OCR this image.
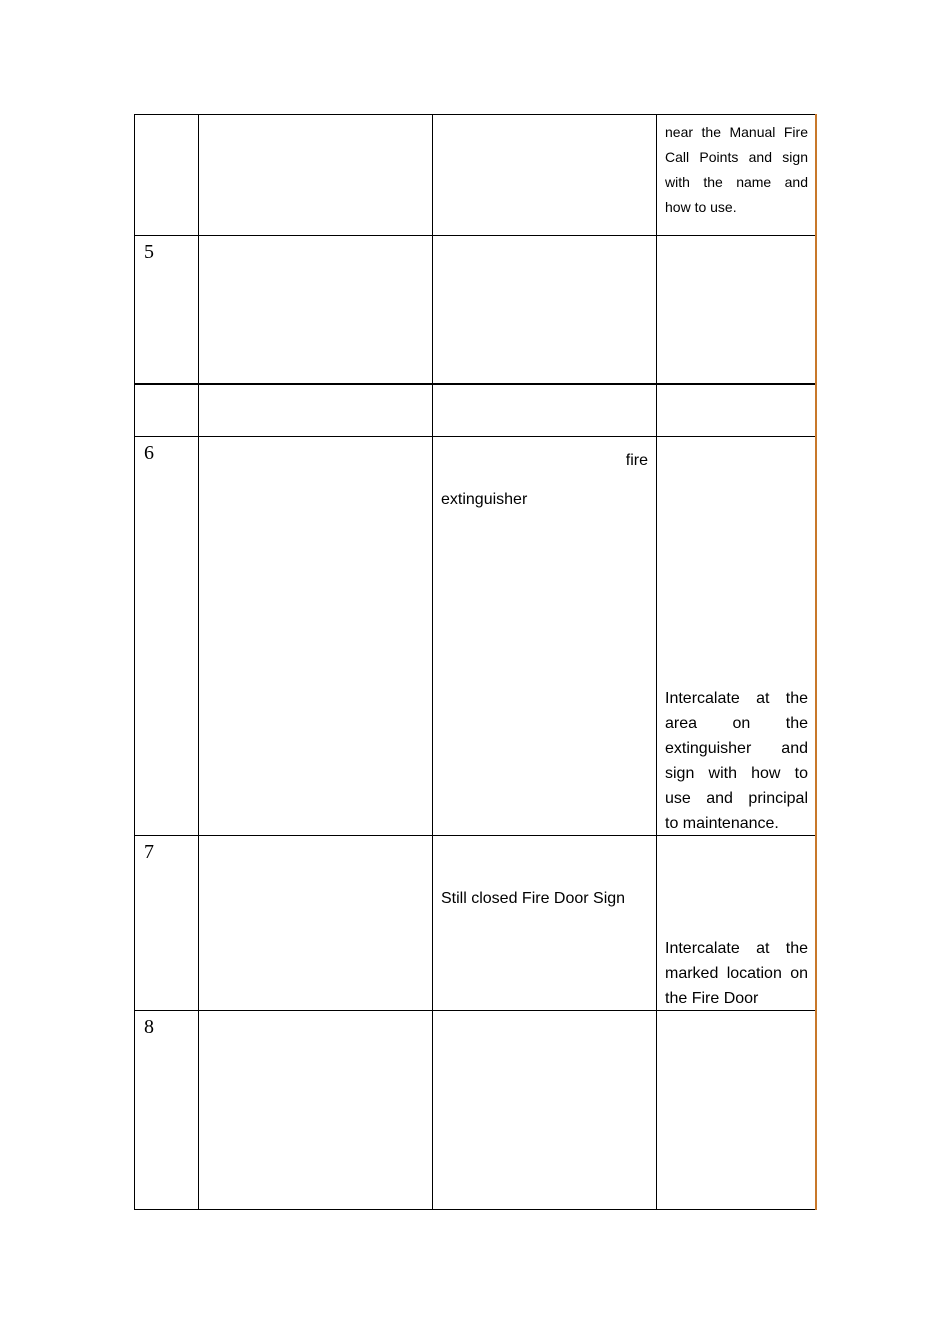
near the Manual Fire
Call Points and sign
with the name and
how to use.
5
6	fire
extinguisher
Intercalate at the
area on the
extinguisher and
sign with how to
use and principal
to maintenance.
7
Still closed Fire Door Sign
Intercalate at the
marked location on
the Fire Door
8
